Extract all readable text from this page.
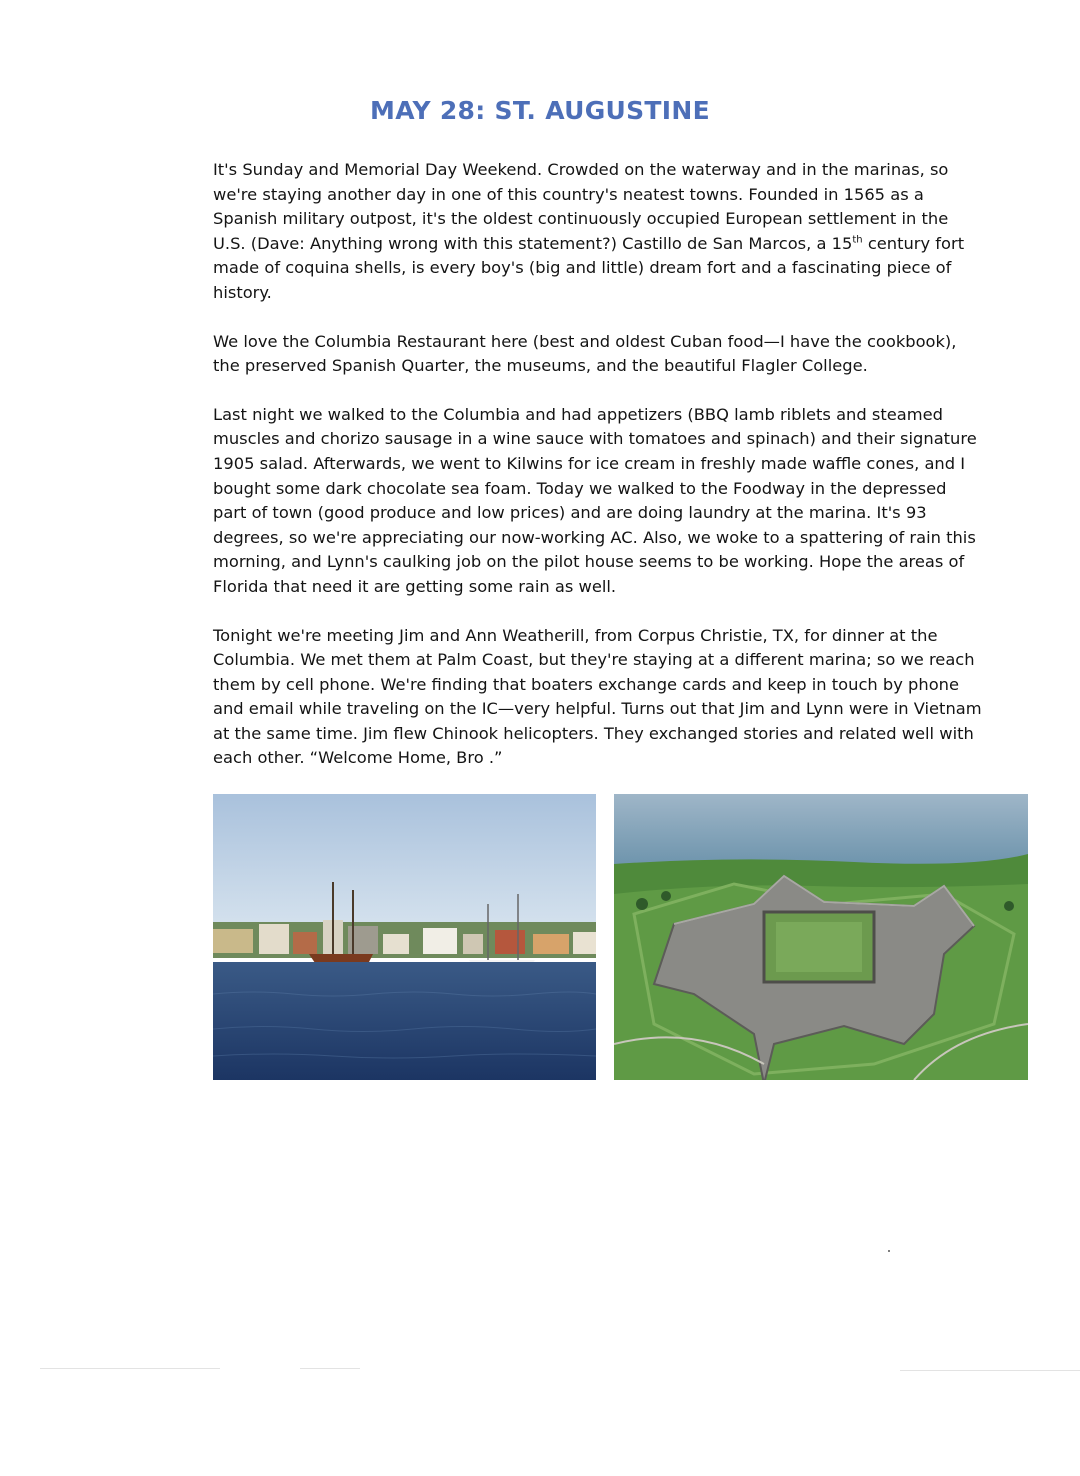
MAY 28: ST. AUGUSTINE

It's Sunday and Memorial Day Weekend. Crowded on the waterway and in the marinas, so we're staying another day in one of this country's neatest towns. Founded in 1565 as a Spanish military outpost, it's the oldest continuously occupied European settlement in the U.S. (Dave: Anything wrong with this statement?) Castillo de San Marcos, a 15th century fort made of coquina shells, is every boy's (big and little) dream fort and a fascinating piece of history.

We love the Columbia Restaurant here (best and oldest Cuban food—I have the cookbook), the preserved Spanish Quarter, the museums, and the beautiful Flagler College.

Last night we walked to the Columbia and had appetizers (BBQ lamb riblets and steamed muscles and chorizo sausage in a wine sauce with tomatoes and spinach) and their signature 1905 salad. Afterwards, we went to Kilwins for ice cream in freshly made waffle cones, and I bought some dark chocolate sea foam. Today we walked to the Foodway in the depressed part of town (good produce and low prices) and are doing laundry at the marina. It's 93 degrees, so we're appreciating our now-working AC. Also, we woke to a spattering of rain this morning, and Lynn's caulking job on the pilot house seems to be working. Hope the areas of Florida that need it are getting some rain as well.

Tonight we're meeting Jim and Ann Weatherill, from Corpus Christie, TX, for dinner at the Columbia. We met them at Palm Coast, but they're staying at a different marina; so we reach them by cell phone. We're finding that boaters exchange cards and keep in touch by phone and email while traveling on the IC—very helpful. Turns out that Jim and Lynn were in Vietnam at the same time. Jim flew Chinook helicopters. They exchanged stories and related well with each other. “Welcome Home, Bro .”
